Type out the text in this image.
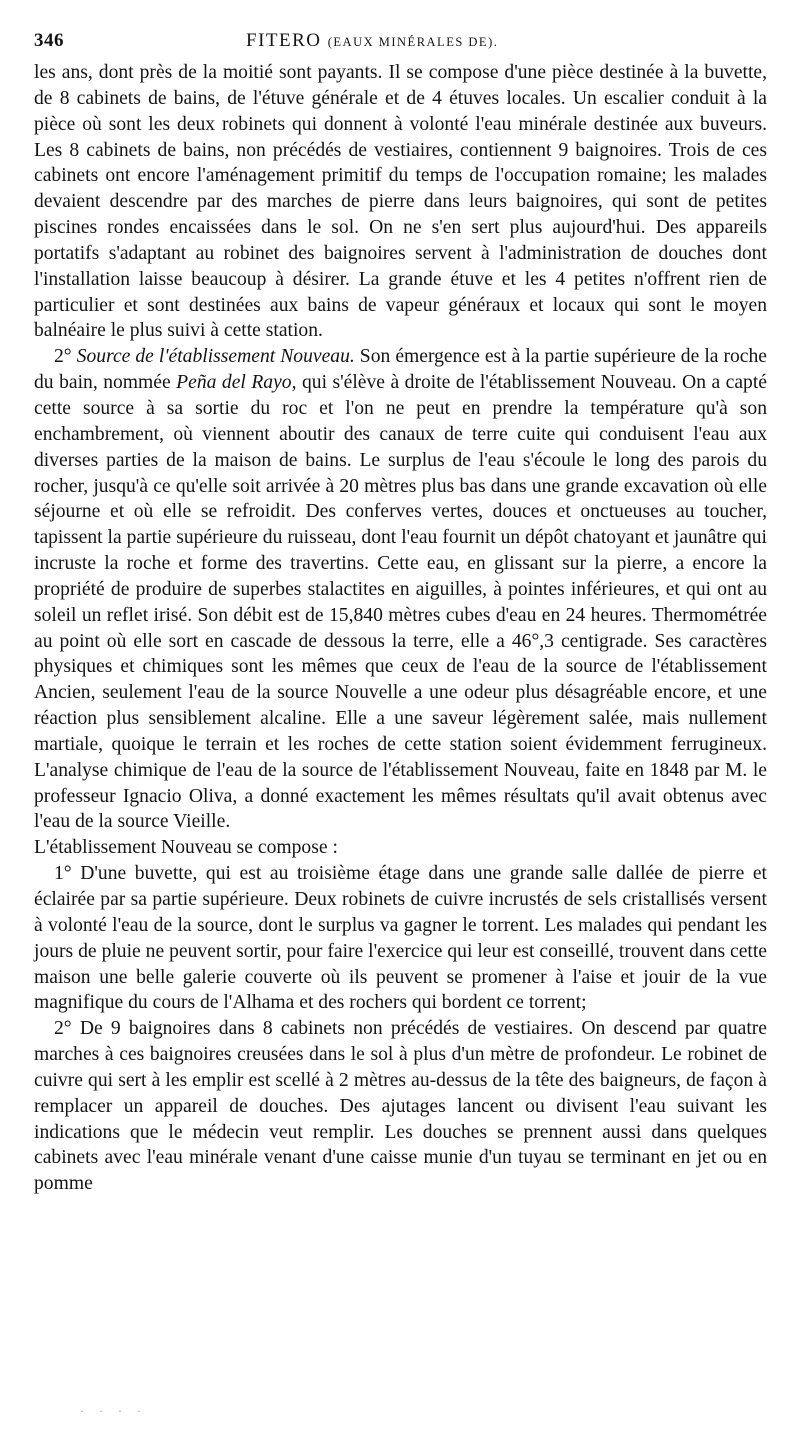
346	FITERO (EAUX MINÉRALES DE).

les ans, dont près de la moitié sont payants. Il se compose d'une pièce destinée à la buvette, de 8 cabinets de bains, de l'étuve générale et de 4 étuves locales. Un escalier conduit à la pièce où sont les deux robinets qui donnent à volonté l'eau minérale destinée aux buveurs. Les 8 cabinets de bains, non précédés de vestiaires, contiennent 9 baignoires. Trois de ces cabinets ont encore l'aménagement primitif du temps de l'occupation romaine; les malades devaient descendre par des marches de pierre dans leurs baignoires, qui sont de petites piscines rondes encaissées dans le sol. On ne s'en sert plus aujourd'hui. Des appareils portatifs s'adaptant au robinet des baignoires servent à l'administration de douches dont l'installation laisse beaucoup à désirer. La grande étuve et les 4 petites n'offrent rien de particulier et sont destinées aux bains de vapeur généraux et locaux qui sont le moyen balnéaire le plus suivi à cette station.

2° Source de l'établissement Nouveau. Son émergence est à la partie supérieure de la roche du bain, nommée Peña del Rayo, qui s'élève à droite de l'établissement Nouveau. On a capté cette source à sa sortie du roc et l'on ne peut en prendre la température qu'à son enchambrement, où viennent aboutir des canaux de terre cuite qui conduisent l'eau aux diverses parties de la maison de bains. Le surplus de l'eau s'écoule le long des parois du rocher, jusqu'à ce qu'elle soit arrivée à 20 mètres plus bas dans une grande excavation où elle séjourne et où elle se refroidit. Des conferves vertes, douces et onctueuses au toucher, tapissent la partie supérieure du ruisseau, dont l'eau fournit un dépôt chatoyant et jaunâtre qui incruste la roche et forme des travertins. Cette eau, en glissant sur la pierre, a encore la propriété de produire de superbes stalactites en aiguilles, à pointes inférieures, et qui ont au soleil un reflet irisé. Son débit est de 15,840 mètres cubes d'eau en 24 heures. Thermométrée au point où elle sort en cascade de dessous la terre, elle a 46°,3 centigrade. Ses caractères physiques et chimiques sont les mêmes que ceux de l'eau de la source de l'établissement Ancien, seulement l'eau de la source Nouvelle a une odeur plus désagréable encore, et une réaction plus sensiblement alcaline. Elle a une saveur légèrement salée, mais nullement martiale, quoique le terrain et les roches de cette station soient évidemment ferrugineux. L'analyse chimique de l'eau de la source de l'établissement Nouveau, faite en 1848 par M. le professeur Ignacio Oliva, a donné exactement les mêmes résultats qu'il avait obtenus avec l'eau de la source Vieille.

L'établissement Nouveau se compose :

1° D'une buvette, qui est au troisième étage dans une grande salle dallée de pierre et éclairée par sa partie supérieure. Deux robinets de cuivre incrustés de sels cristallisés versent à volonté l'eau de la source, dont le surplus va gagner le torrent. Les malades qui pendant les jours de pluie ne peuvent sortir, pour faire l'exercice qui leur est conseillé, trouvent dans cette maison une belle galerie couverte où ils peuvent se promener à l'aise et jouir de la vue magnifique du cours de l'Alhama et des rochers qui bordent ce torrent;

2° De 9 baignoires dans 8 cabinets non précédés de vestiaires. On descend par quatre marches à ces baignoires creusées dans le sol à plus d'un mètre de profondeur. Le robinet de cuivre qui sert à les emplir est scellé à 2 mètres au-dessus de la tête des baigneurs, de façon à remplacer un appareil de douches. Des ajutages lancent ou divisent l'eau suivant les indications que le médecin veut remplir. Les douches se prennent aussi dans quelques cabinets avec l'eau minérale venant d'une caisse munie d'un tuyau se terminant en jet ou en pomme

· · · ·
